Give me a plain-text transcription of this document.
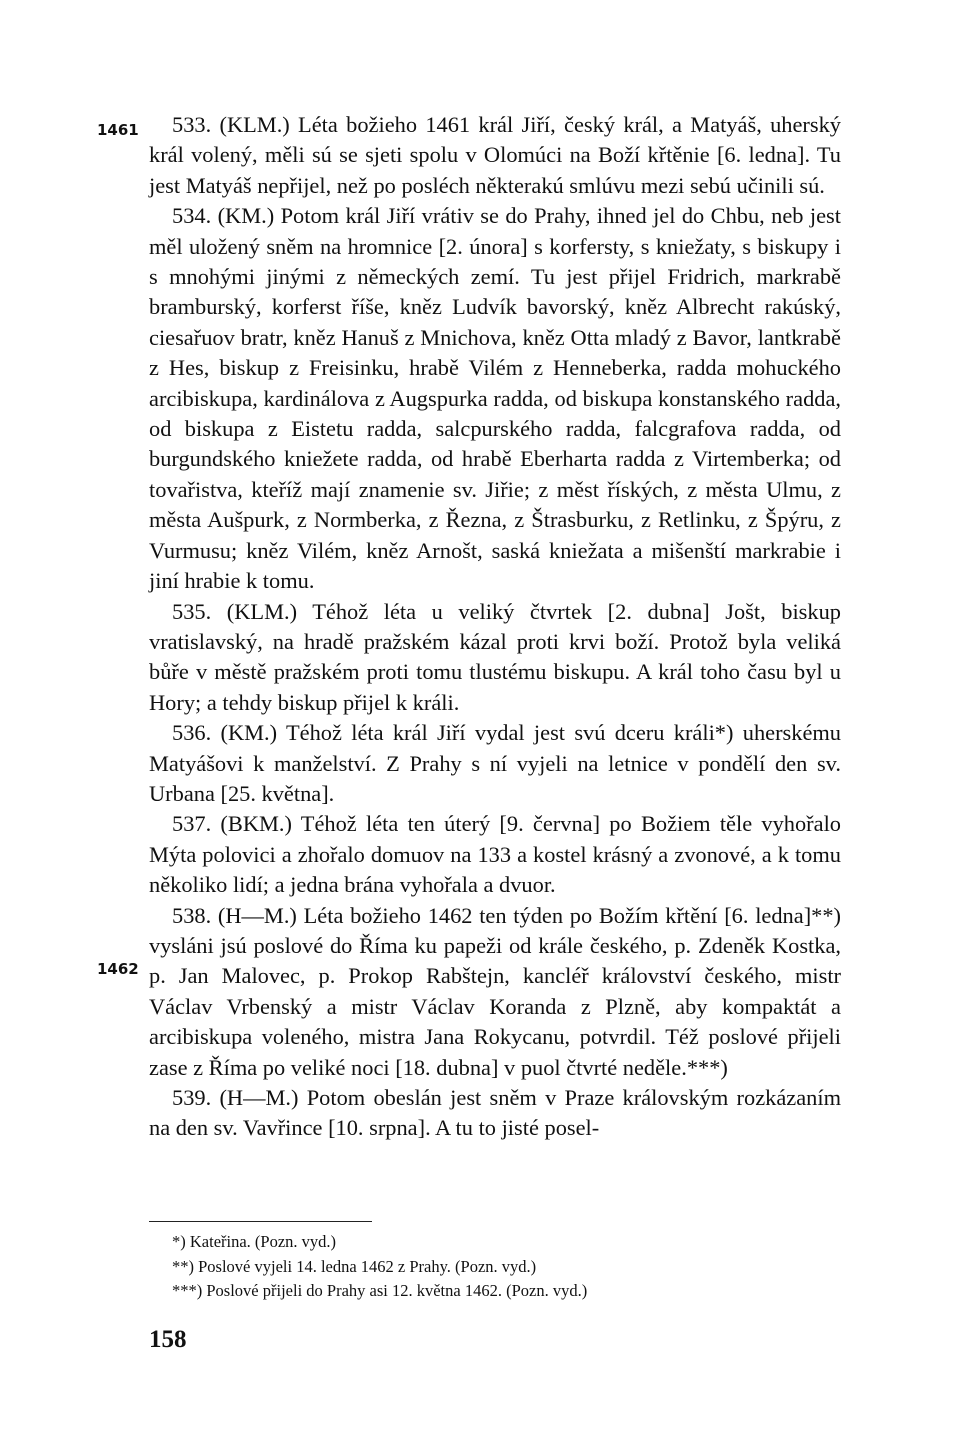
1461
1462

533. (KLM.) Léta božieho 1461 král Jiří, český král, a Matyáš, uherský král volený, měli sú se sjeti spolu v Olomúci na Boží křtěnie [6. ledna]. Tu jest Matyáš nepřijel, než po posléch některakú smlúvu mezi sebú učinili sú.

534. (KM.) Potom král Jiří vrátiv se do Prahy, ihned jel do Chbu, neb jest měl uložený sněm na hromnice [2. února] s korfersty, s kniežaty, s biskupy i s mnohými jinými z německých zemí. Tu jest přijel Fridrich, markrabě bramburský, korferst říše, kněz Ludvík bavorský, kněz Albrecht rakúský, ciesařuov bratr, kněz Hanuš z Mnichova, kněz Otta mladý z Bavor, lantkrabě z Hes, biskup z Freisinku, hrabě Vilém z Henneberka, radda mohuckého arcibiskupa, kardinálova z Augspurka radda, od biskupa konstanského radda, od biskupa z Eistetu radda, salcpurského radda, falcgrafova radda, od burgundského kniežete radda, od hrabě Eberharta radda z Virtemberka; od tovařistva, kteříž mají znamenie sv. Jiřie; z měst říských, z města Ulmu, z města Aušpurk, z Normberka, z Řezna, z Štrasburku, z Retlinku, z Špýru, z Vurmusu; kněz Vilém, kněz Arnošt, saská kniežata a mišenští markrabie i jiní hrabie k tomu.

535. (KLM.) Téhož léta u veliký čtvrtek [2. dubna] Jošt, biskup vratislavský, na hradě pražském kázal proti krvi boží. Protož byla veliká bůře v městě pražském proti tomu tlustému biskupu. A král toho času byl u Hory; a tehdy biskup přijel k králi.

536. (KM.) Téhož léta král Jiří vydal jest svú dceru králi*) uherskému Matyášovi k manželství. Z Prahy s ní vyjeli na letnice v pondělí den sv. Urbana [25. května].

537. (BKM.) Téhož léta ten úterý [9. června] po Božiem těle vyhořalo Mýta polovici a zhořalo domuov na 133 a kostel krásný a zvonové, a k tomu několiko lidí; a jedna brána vyhořala a dvuor.

538. (H—M.) Léta božieho 1462 ten týden po Božím křtění [6. ledna]**) vysláni jsú poslové do Říma ku papeži od krále českého, p. Zdeněk Kostka, p. Jan Malovec, p. Prokop Rabštejn, kancléř království českého, mistr Václav Vrbenský a mistr Václav Koranda z Plzně, aby kompaktát a arcibiskupa voleného, mistra Jana Rokycanu, potvrdil. Též poslové přijeli zase z Říma po veliké noci [18. dubna] v puol čtvrté neděle.***)

539. (H—M.) Potom obeslán jest sněm v Praze královským rozkázaním na den sv. Vavřince [10. srpna]. A tu to jisté posel-

*) Kateřina. (Pozn. vyd.)

**) Poslové vyjeli 14. ledna 1462 z Prahy. (Pozn. vyd.)

***) Poslové přijeli do Prahy asi 12. května 1462. (Pozn. vyd.)

158
